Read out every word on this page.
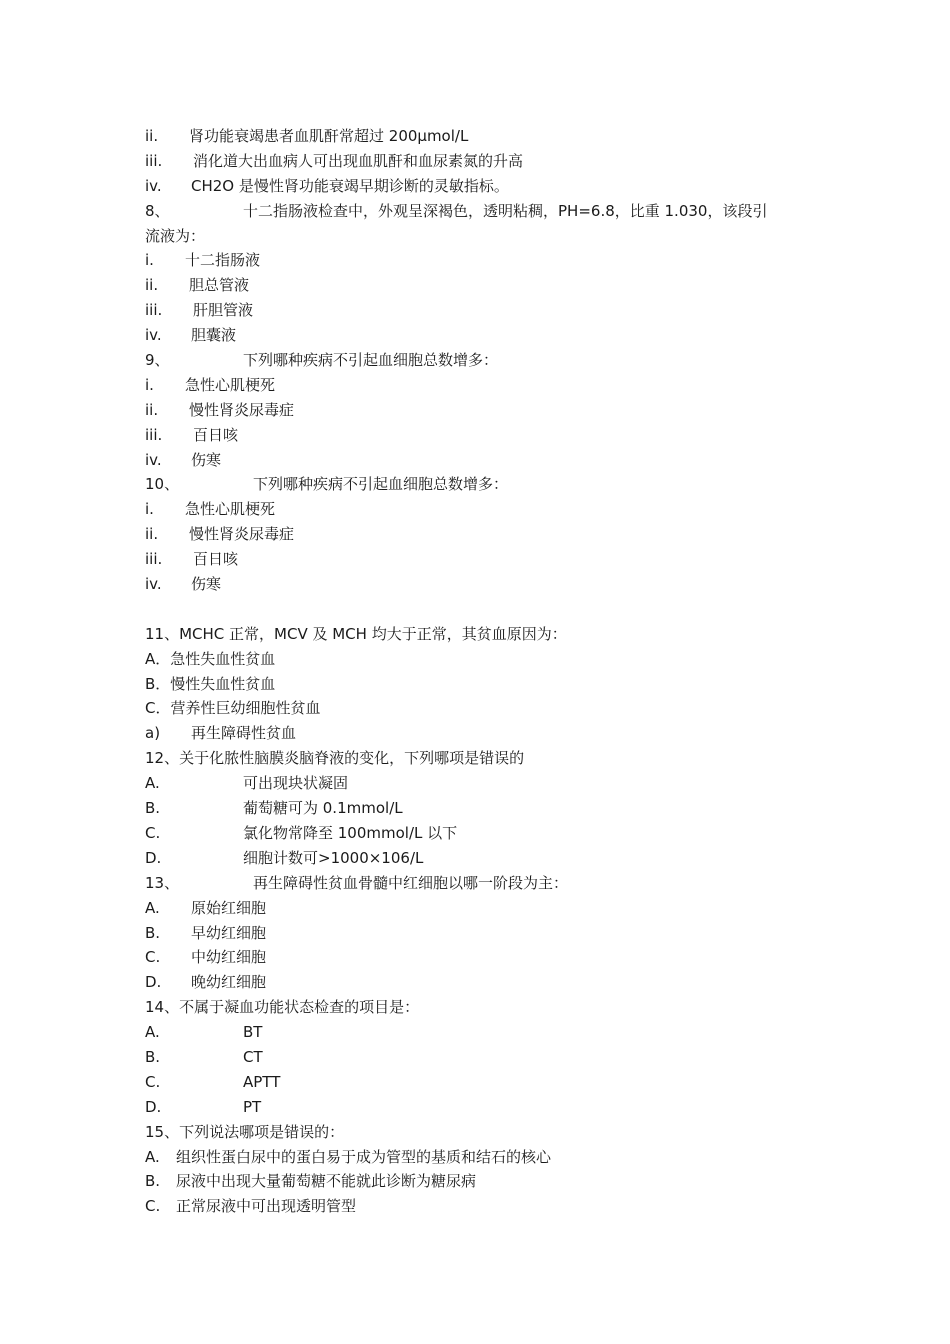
ii. 肾功能衰竭患者血肌酐常超过 200μmol/L
iii. 消化道大出血病人可出现血肌酐和血尿素氮的升高
iv. CH2O 是慢性肾功能衰竭早期诊断的灵敏指标。
8、	十二指肠液检查中，外观呈深褐色，透明粘稠，PH=6.8，比重 1.030，该段引
流液为：
i. 十二指肠液
ii. 胆总管液
iii. 肝胆管液
iv. 胆囊液
9、	下列哪种疾病不引起血细胞总数增多：
i. 急性心肌梗死
ii. 慢性肾炎尿毒症
iii. 百日咳
iv. 伤寒
10、	下列哪种疾病不引起血细胞总数增多：
i. 急性心肌梗死
ii. 慢性肾炎尿毒症
iii. 百日咳
iv. 伤寒
11、MCHC 正常，MCV 及 MCH 均大于正常，其贫血原因为：
A．急性失血性贫血
B．慢性失血性贫血
C．营养性巨幼细胞性贫血
a) 再生障碍性贫血
12、关于化脓性脑膜炎脑脊液的变化，下列哪项是错误的
A.	可出现块状凝固
B.	葡萄糖可为 0.1mmol/L
C.	氯化物常降至 100mmol/L 以下
D.	细胞计数可>1000×106/L
13、	再生障碍性贫血骨髓中红细胞以哪一阶段为主：
A. 原始红细胞
B. 早幼红细胞
C. 中幼红细胞
D. 晚幼红细胞
14、不属于凝血功能状态检查的项目是：
A.	BT
B.	CT
C.	APTT
D.	PT
15、下列说法哪项是错误的：
A. 组织性蛋白尿中的蛋白易于成为管型的基质和结石的核心
B. 尿液中出现大量葡萄糖不能就此诊断为糖尿病
C. 正常尿液中可出现透明管型
